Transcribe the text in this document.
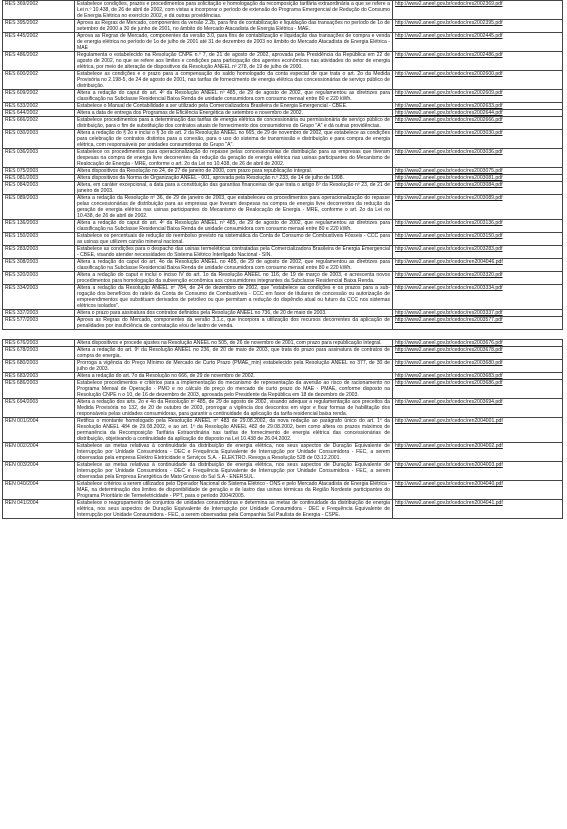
RES 369/2002	Estabelece condições, prazos e procedimentos para solicitação e homologação da recomposição tarifária extraordinária a que se refere a Lei n.º 10.438, de 26 de abril de 2002, com vistas a incorporar o período de extensão do Programa Emergencial de Redução do Consumo de Energia Elétrica no exercício 2002, e dá outras providências.	http://www2.aneel.gov.br/cedoc/res2002369.pdf
RES 395/2002	Aprova as Regras de Mercado, componentes da versão 2.2b, para fins de contabilização e liquidação das transações no período de 1o de setembro de 2000 a 30 de junho de 2001, no âmbito do Mercado Atacadista de Energia Elétrica - MAE.	http://www2.aneel.gov.br/cedoc/res2002395.pdf
RES 445/2002	Aprova as Regras de Mercado, componentes da versão 3.0, para fins de contabilização e liquidação das transações de compra e venda de energia elétrica no período de 1o de julho de 2001 até 31 de dezembro de 2003 no âmbito do Mercado Atacadista de Energia Elétrica - MAE	http://www2.aneel.gov.br/cedoc/res2002445.pdf
RES 486/2002	Regulamenta o estabelecido na Resolução CNPE n.º 7, de 21 de agosto de 2002, aprovada pela Presidência da República em 22 de agosto de 2002, no que se refere aos limites e condições para participação dos agentes econômicos nas atividades do setor de energia elétrica, por meio de alteração de dispositivos da Resolução ANEEL nº 278, de 19 de julho de 2000.	http://www2.aneel.gov.br/cedoc/res2002486.pdf
RES 600/2002	Estabelece as condições e o prazo para a compensação do saldo homologado da conta especial de que trata o art. 2o da Medida Provisória no 2.198-5, de 24 de agosto de 2001, nas tarifas de fornecimento de energia elétrica das concessionárias de serviço público de distribuição.	http://www2.aneel.gov.br/cedoc/res2002600.pdf
RES 609/2002	Altera a redação do caput do art. 4º da Resolução ANEEL nº 485, de 29 de agosto de 2002, que regulamentou as diretrizes para classificação na Subclasse Residencial Baixa Renda de unidade consumidora com consumo mensal entre 80 e 220 kWh.	http://www2.aneel.gov.br/cedoc/res2002609.pdf
RES 633/2002	Estabelece o Manual de Contabilidade a ser utilizado pela Comercializadora Brasileira de Energia Emergencial - CBEE.	http://www2.aneel.gov.br/cedoc/res2002633.pdf
RES 644/2002	Altera a data de entrega dos Programas de Eficiência Energética de setembro e novembro de 2002.	http://www2.aneel.gov.br/cedoc/res2002644.pdf
RES 666/2002	Estabelece procedimentos para a determinação das tarifas de energia elétrica de concessionária ou permissionária de serviço público de distribuição, para o fim de substituição dos contratos atuais de fornecimento dos consumidores do Grupo "A" e dá outras providências.	http://www2.aneel.gov.br/cedoc/res2002666.pdf
RES 030/2003	Altera a redação do § 2o e inclui o § 3o do art. 2 da Resolução ANEEL no 665, de 29 de novembro de 2002, que estabelece as condições para celebração de contratos distintos para a conexão, para o uso do sistema de transmissão e distribuição e para compra de energia elétrica, com responsáveis por unidades consumidoras do Grupo "A".	http://www2.aneel.gov.br/cedoc/res2003030.pdf
RES 036/2003	Estabelece os procedimentos para operacionalização do repasse pelas concessionárias de distribuição para as empresas que tiveram despesas na compra de energia livre decorrentes da redução da geração de energia elétrica nas usinas participantes do Mecanismo de Realocação de Energia - MRE, conforme o art. 2o da Lei no 10.438, de 26 de abril de 2002.	http://www2.aneel.gov.br/cedoc/res2003036.pdf
RES 075/2003	Altera dispositivos da Resolução no 24, de 27 de janeiro de 2000, com prazo para republicação integral.	http://www2.aneel.gov.br/cedoc/res2003075.pdf
RES 081/2003	Altera dispositivos da Norma de Organização ANEEL - 001, aprovada pela Resolução n.º 233, de 14 de julho de 1998.	http://www2.aneel.gov.br/cedoc/res2003081.pdf
RES 084/2003	Altera, em caráter excepcional, a data para a constituição das garantias financeiras de que trata o artigo 6º da Resolução nº 23, de 21 de janeiro de 2003.	http://www2.aneel.gov.br/cedoc/res2003084.pdf
RES 089/2003	Altera a redação da Resolução nº 36, de 29 de janeiro de 2003, que estabeleceu os procedimentos para operacionalização do repasse pelas concessionárias de distribuição para as empresas que tiveram despesas na compra de energia livre decorrentes da redução da geração de energia elétrica nas usinas participantes do Mecanismo de Realocação de Energia - MRE, conforme o art. 2o da Lei no 10.438, de 26 de abril de 2002.	http://www2.aneel.gov.br/cedoc/res2003089.pdf
RES 136/2003	Altera a redação do caput do art. 4º da Resolução ANEEL nº 485, de 29 de agosto de 2002, que regulamentou as diretrizes para classificação na Subclasse Residencial Baixa Renda de unidade consumidora com consumo mensal entre 80 e 220 kWh.	http://www2.aneel.gov.br/cedoc/res2003136.pdf
RES 150/2003	Estabelece os percentuais de redução do reembolso previsto na sistemática da Conta de Consumo de Combustíveis Fósseis - CCC para as usinas que utilizem carvão mineral nacional.	http://www2.aneel.gov.br/cedoc/res2003150.pdf
RES 283/2003	Estabelece as condições para o despacho das usinas termelétricas contratadas pela Comercializadora Brasileira de Energia Emergencial - CBEE, visando atender necessidades do Sistema Elétrico Interligado Nacional - SIN.	http://www2.aneel.gov.br/cedoc/res2003283.pdf
RES 308/2003	Altera a redação do caput do art. 4o da Resolução ANEEL no 485, de 29 de agosto de 2002, que regulamentou as diretrizes para classificação na Subclasse Residencial Baixa Renda de unidade consumidora com consumo mensal entre 80 e 220 kWh.	http://www2.aneel.gov.br/cedoc/ren2004046.pdf
RES 320/2003	Altera a redação do caput e inclui o inciso IV do art. 1o da Resolução ANEEL no 116, de 19 de março de 2003, e acrescenta novos procedimentos para homologação da subvenção econômica aos consumidores integrantes da Subclasse Residencial Baixa Renda.	http://www2.aneel.gov.br/cedoc/res2003320.pdf
RES 334/2003	Altera a redação da Resolução ANEEL nº 784, de 24 de dezembro de 2002, que "estabelece as condições e os prazos para a sub-rogação dos benefícios do rateio da Conta de Consumo de Combustíveis - CCC em favor de titulares de concessão ou autorização de empreendimentos que substituam derivados de petróleo ou que permitam a redução do dispêndio atual ou futuro da CCC nos sistemas elétricos isolados".	http://www2.aneel.gov.br/cedoc/res2003334.pdf
RES 337/2003	Altera o prazo para assinatura dos contratos definidos pela Resolução ANEEL no 736, de 20 de maio de 2003.	http://www2.aneel.gov.br/cedoc/res2003337.pdf
RES 577/2003	Aprova as Regras do Mercado, componentes da versão 3.1.c, que incorpora a utilização dos recursos decorrentes da aplicação de penalidades por insuficiência de contratação e/ou de lastro de venda.	http://www2.aneel.gov.br/cedoc/res2003577.pdf
RES 676/2003	Altera dispositivos e procede ajustes na Resolução ANEEL no 505, de 26 de novembro de 2001, com prazo para republicação integral.	http://www2.aneel.gov.br/cedoc/res2003676.pdf
RES 678/2003	Altera a redação do art. 9º da Resolução ANEEL no 236, de 20 de maio de 2003, que trata do prazo para assinatura de contratos de compra de energia.	http://www2.aneel.gov.br/cedoc/res2003678.pdf
RES 680/2003	Prorroga a vigência do Preço Mínimo de Mercado de Curto Prazo (PMAE_min) estabelecido pela Resolução ANEEL no 377, de 30 de julho de 2003.	http://www2.aneel.gov.br/cedoc/res2003680.pdf
RES 683/2003	Altera a redação do art. 7o da Resolução no 666, de 29 de novembro de 2002.	http://www2.aneel.gov.br/cedoc/res2003683.pdf
RES 686/2003	Estabelece procedimentos e critérios para a implementação do mecanismo de representação da aversão ao risco de racionamento no Programa Mensal de Operação - PMO e no cálculo do preço do mercado de curto prazo do MAE - PMAE, conforme disposto na Resolução CNPE n o 10, de 16 de dezembro de 2003, aprovada pelo Presidente da República em 18 de dezembro de 2003.	http://www2.aneel.gov.br/cedoc/res2003686.pdf
RES 694/2003	Altera a redação dos arts. 2o e 4o da Resolução nº 485, de 29 de agosto de 2002, visando adequar a regulamentação aos preceitos da Medida Provisória no 132, de 20 de outubro de 2003, prorrogar a vigência dos descontos em vigor e fixar formas de habilitação dos responsáveis pelas unidades consumidoras, para garantir a continuidade da aplicação da tarifa residencial baixa renda.	http://www2.aneel.gov.br/cedoc/res2003694.pdf
REN 001/2004	Retifica o montante homologado pela Resolução ANEEL nº 483 de 29.08.2002, da nova redação ao parágrafo único do art. 1º da Resolução ANEEL 484 de 29.08.2002, e ao art. 1º da Resolução ANEEL 482 de 29.08.2002, bem como altera os prazos máximos de permanência da Recomposição Tarifária Extraordinária nas tarifas de fornecimento de energia elétrica das concessionárias de distribuição, objetivando a continuidade da aplicação do disposto na Lei 10.438 de 26.04.2002.	http://www2.aneel.gov.br/cedoc/ren2004001.pdf
REN 002/2004	Estabelece as metas relativas à continuidade da distribuição de energia elétrica, nos seus aspectos de Duração Equivalente de Interrupção por Unidade Consumidora - DEC e Frequência Equivalente de Interrupção por Unidade Consumidora - FEC, a serem observadas pela empresa Elektro Eletricidade e Serviços S.A. - ELEKTRO. Revoga a Resolução 528 de 03.12.2001.	http://www2.aneel.gov.br/cedoc/ren2004002.pdf
REN 003/2004	Estabelece as metas relativas à continuidade da distribuição de energia elétrica, nos seus aspectos de Duração Equivalente de Interrupção por Unidade Consumidora - DEC e Frequência Equivalente de Interrupção por Unidade Consumidora - FEC, a serem observadas pela Empresa Energética de Mato Grosso do Sul S.A - ENERSUL.	http://www2.aneel.gov.br/cedoc/ren2004003.pdf
REN 040/2004	Estabelece critérios a serem utilizados pelo Operador Nacional do Sistema Elétrico - ONS e pelo Mercado Atacadista de Energia Elétrica - MAE, na determinação dos limites de disponibilidade de geração e de lastro das usinas térmicas da Região Nordeste participantes do Programa Prioritário de Termeletricidade - PPT, para o período 2004/2005.	http://www2.aneel.gov.br/cedoc/ren2004040.pdf
REN 041/2004	Estabelece o reagrupamento de conjuntos de unidades consumidoras e determina as metas de continuidade da distribuição de energia elétrica, nos seus aspectos de Duração Equivalente de Interrupção por Unidade Consumidora - DEC e Frequência Equivalente de Interrupção por Unidade Consumidora - FEC, a serem observadas pela Companhia Sul Paulista de Energia - CSPE.	http://www2.aneel.gov.br/cedoc/ren2004041.pdf
